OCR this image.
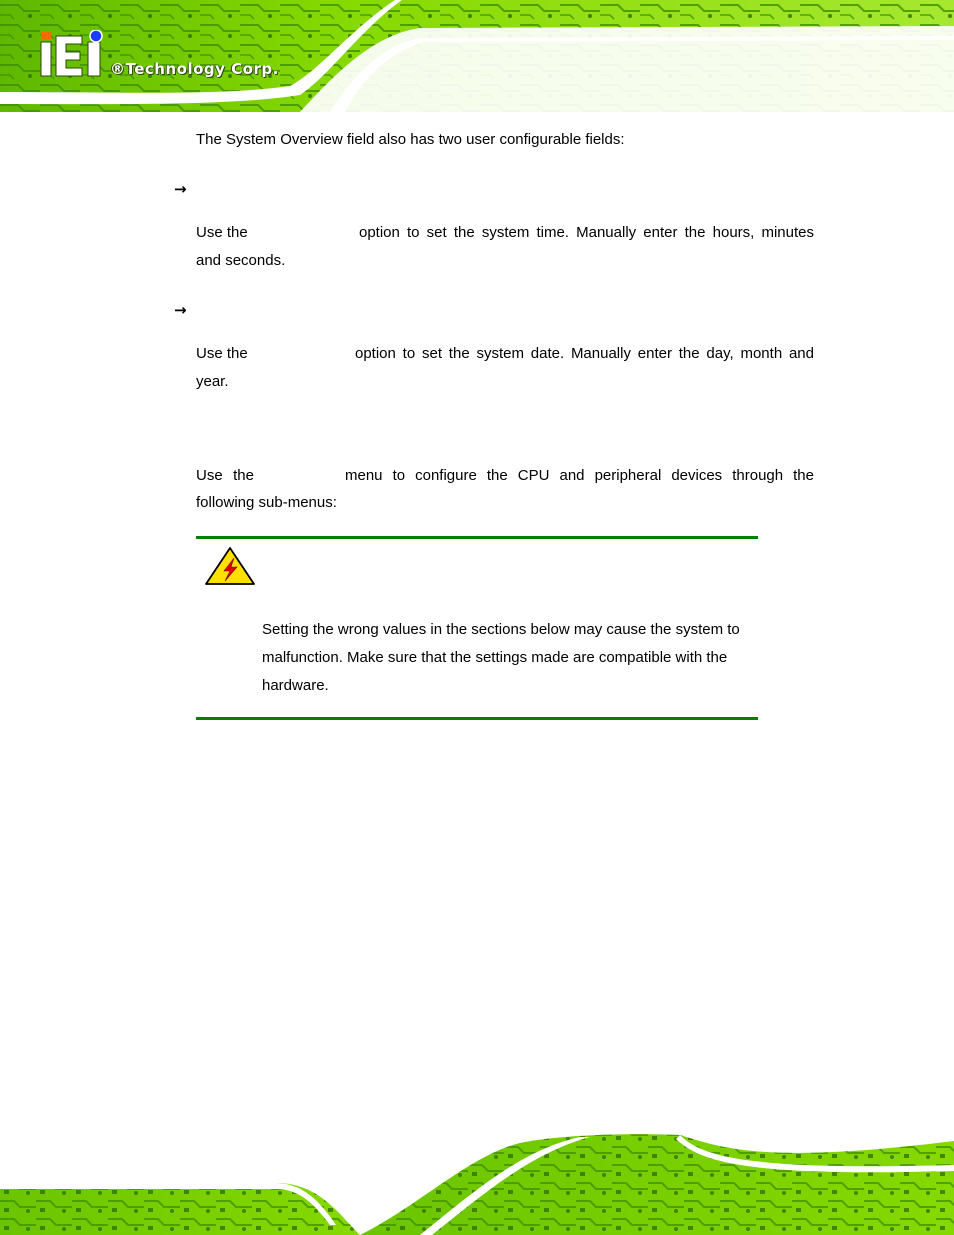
®Technology Corp.

The System Overview field also has two user configurable fields:

→

Use the	option to set the system time. Manually enter the hours, minutes

and seconds.

→

Use the	option to set the system date. Manually enter the day, month and

year.

Use the	menu to configure the CPU and peripheral devices through the

following sub-menus:

Setting the wrong values in the sections below may cause the system to malfunction. Make sure that the settings made are compatible with the hardware.
